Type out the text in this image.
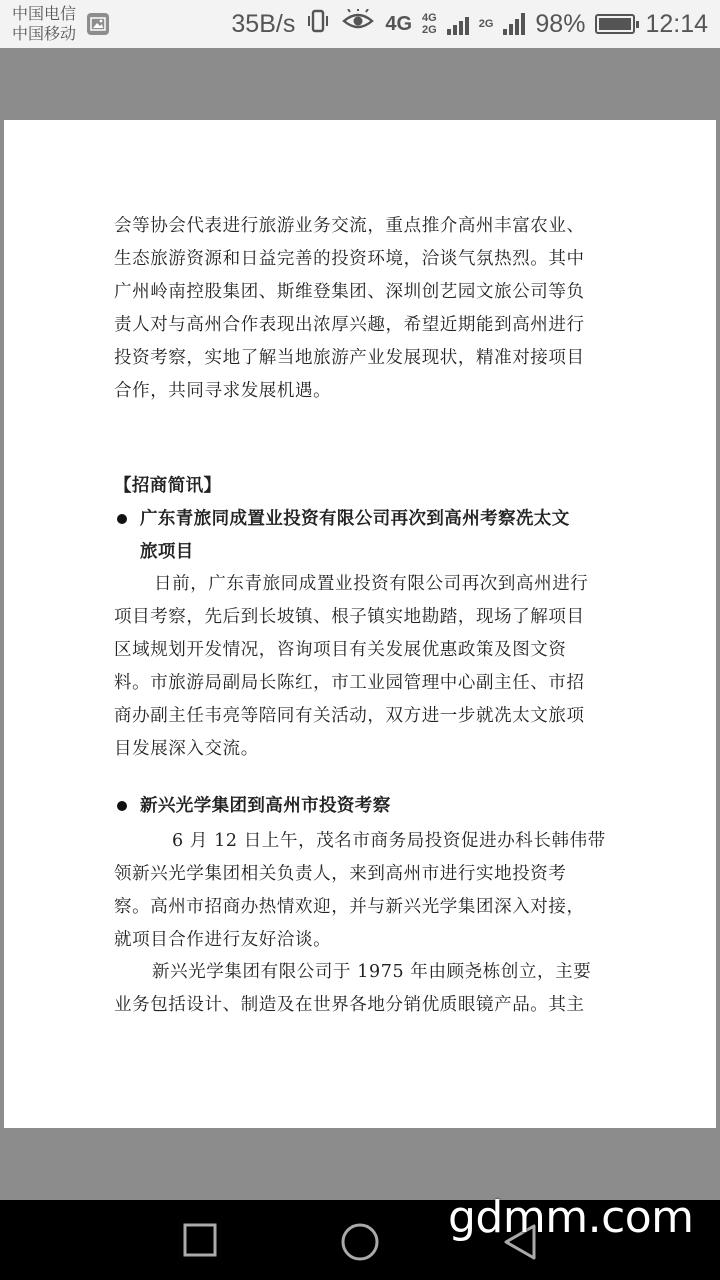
中国电信
中国移动	35B/s	4G 4G
2G	2G 98% 12:14
会等协会代表进行旅游业务交流，重点推介高州丰富农业、
生态旅游资源和日益完善的投资环境，洽谈气氛热烈。其中
广州岭南控股集团、斯维登集团、深圳创艺园文旅公司等负
责人对与高州合作表现出浓厚兴趣，希望近期能到高州进行
投资考察，实地了解当地旅游产业发展现状，精准对接项目
合作，共同寻求发展机遇。
【招商简讯】
广东青旅同成置业投资有限公司再次到高州考察冼太文
旅项目
日前，广东青旅同成置业投资有限公司再次到高州进行
项目考察，先后到长坡镇、根子镇实地勘踏，现场了解项目
区域规划开发情况，咨询项目有关发展优惠政策及图文资
料。市旅游局副局长陈红，市工业园管理中心副主任、市招
商办副主任韦亮等陪同有关活动，双方进一步就冼太文旅项
目发展深入交流。
新兴光学集团到高州市投资考察
6 月 12 日上午，茂名市商务局投资促进办科长韩伟带
领新兴光学集团相关负责人，来到高州市进行实地投资考
察。高州市招商办热情欢迎，并与新兴光学集团深入对接，
就项目合作进行友好洽谈。
新兴光学集团有限公司于 1975 年由顾尧栋创立，主要
业务包括设计、制造及在世界各地分销优质眼镜产品。其主
gdmm.com
